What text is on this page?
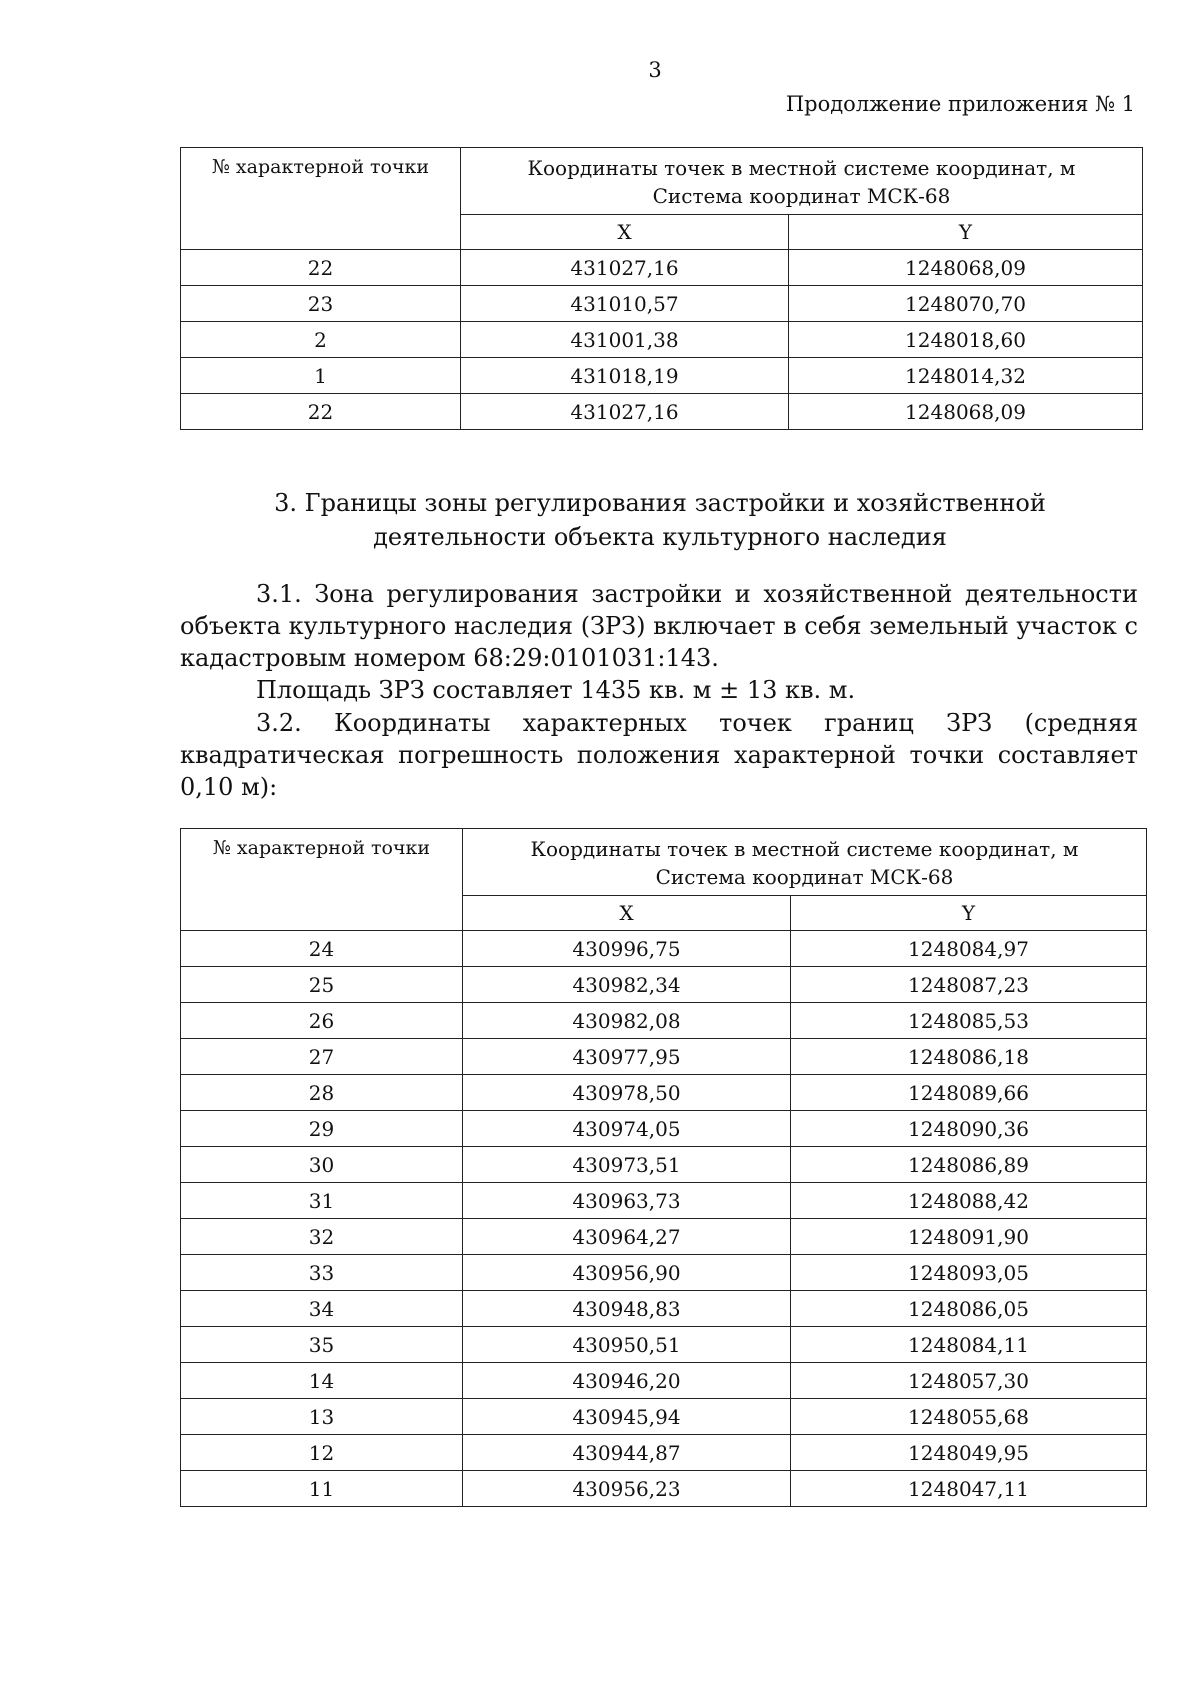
3
Продолжение приложения № 1
№ характерной точки	Координаты точек в местной системе координат, м
Система координат МСК-68	

	X	Y
22	431027,16	1248068,09
23	431010,57	1248070,70
2	431001,38	1248018,60
1	431018,19	1248014,32
22	431027,16	1248068,09
3. Границы зоны регулирования застройки и хозяйственной
деятельности объекта культурного наследия

3.1. Зона регулирования застройки и хозяйственной деятельности объекта культурного наследия (ЗРЗ) включает в себя земельный участок с кадастровым номером 68:29:0101031:143.

Площадь ЗРЗ составляет 1435 кв. м ± 13 кв. м.

3.2. Координаты характерных точек границ ЗРЗ (средняя квадратическая погрешность положения характерной точки составляет 0,10 м):

№ характерной точки	Координаты точек в местной системе координат, м
Система координат МСК-68	

	X	Y
24	430996,75	1248084,97
25	430982,34	1248087,23
26	430982,08	1248085,53
27	430977,95	1248086,18
28	430978,50	1248089,66
29	430974,05	1248090,36
30	430973,51	1248086,89
31	430963,73	1248088,42
32	430964,27	1248091,90
33	430956,90	1248093,05
34	430948,83	1248086,05
35	430950,51	1248084,11
14	430946,20	1248057,30
13	430945,94	1248055,68
12	430944,87	1248049,95
11	430956,23	1248047,11
